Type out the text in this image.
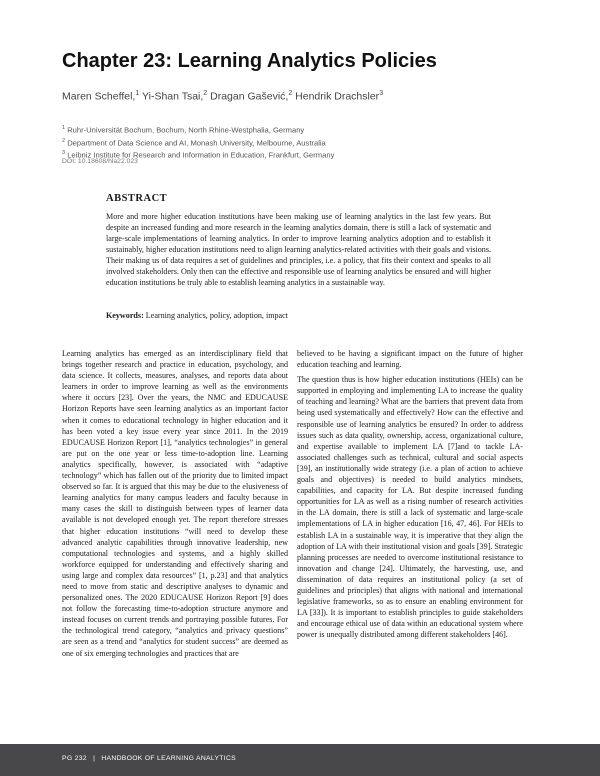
Chapter 23: Learning Analytics Policies
Maren Scheffel,$^1$ Yi-Shan Tsai,$^2$ Dragan Gašević,$^2$ Hendrik Drachsler$^3$
$^1$ Ruhr-Universität Bochum, Bochum, North Rhine-Westphalia, Germany
$^2$ Department of Data Science and AI, Monash University, Melbourne, Australia
$^3$ Leibniz Institute for Research and Information in Education, Frankfurt, Germany
DOI: 10.18608/hla22.023
ABSTRACT

More and more higher education institutions have been making use of learning analytics in the last few years. But despite an increased funding and more research in the learning analytics domain, there is still a lack of systematic and large-scale implementations of learning analytics. In order to improve learning analytics adoption and to establish it sustainably, higher education institutions need to align learning analytics-related activities with their goals and visions. Their making us of data requires a set of guidelines and principles, i.e. a policy, that fits their context and speaks to all involved stakeholders. Only then can the effective and responsible use of learning analytics be ensured and will higher education institutions be truly able to establish learning analytics in a sustainable way.

Keywords: Learning analytics, policy, adoption, impact

Learning analytics has emerged as an interdisciplinary field that brings together research and practice in education, psychology, and data science. It collects, measures, analyses, and reports data about learners in order to improve learning as well as the environments where it occurs [23]. Over the years, the NMC and EDUCAUSE Horizon Reports have seen learning analytics as an important factor when it comes to educational technology in higher education and it has been voted a key issue every year since 2011. In the 2019 EDUCAUSE Horizon Report [1], “analytics technologies” in general are put on the one year or less time-to-adoption line. Learning analytics specifically, however, is associated with “adaptive technology” which has fallen out of the priority due to limited impact observed so far. It is argued that this may be due to the elusiveness of learning analytics for many campus leaders and faculty because in many cases the skill to distinguish between types of learner data available is not developed enough yet. The report therefore stresses that higher education institutions “will need to develop these advanced analytic capabilities through innovative leadership, new computational technologies and systems, and a highly skilled workforce equipped for understanding and effectively sharing and using large and complex data resources” [1, p.23] and that analytics need to move from static and descriptive analyses to dynamic and personalized ones. The 2020 EDUCAUSE Horizon Report [9] does not follow the forecasting time-to-adoption structure anymore and instead focuses on current trends and portraying possible futures. For the technological trend category, “analytics and privacy questions” are seen as a trend and “analytics for student success” are deemed as one of six emerging technologies and practices that are

believed to be having a significant impact on the future of higher education teaching and learning.

The question thus is how higher education institutions (HEIs) can be supported in employing and implementing LA to increase the quality of teaching and learning? What are the barriers that prevent data from being used systematically and effectively? How can the effective and responsible use of learning analytics be ensured? In order to address issues such as data quality, ownership, access, organizational culture, and expertise available to implement LA [7]and to tackle LA-associated challenges such as technical, cultural and social aspects [39], an institutionally wide strategy (i.e. a plan of action to achieve goals and objectives) is needed to build analytics mindsets, capabilities, and capacity for LA. But despite increased funding opportunities for LA as well as a rising number of research activities in the LA domain, there is still a lack of systematic and large-scale implementations of LA in higher education [16, 47, 46]. For HEIs to establish LA in a sustainable way, it is imperative that they align the adoption of LA with their institutional vision and goals [39]. Strategic planning processes are needed to overcome institutional resistance to innovation and change [24]. Ultimately, the harvesting, use, and dissemination of data requires an institutional policy (a set of guidelines and principles) that aligns with national and international legislative frameworks, so as to ensure an enabling environment for LA [33]). It is important to establish principles to guide stakeholders and encourage ethical use of data within an educational system where power is unequally distributed among different stakeholders [46].

PG 232 | HANDBOOK OF LEARNING ANALYTICS
